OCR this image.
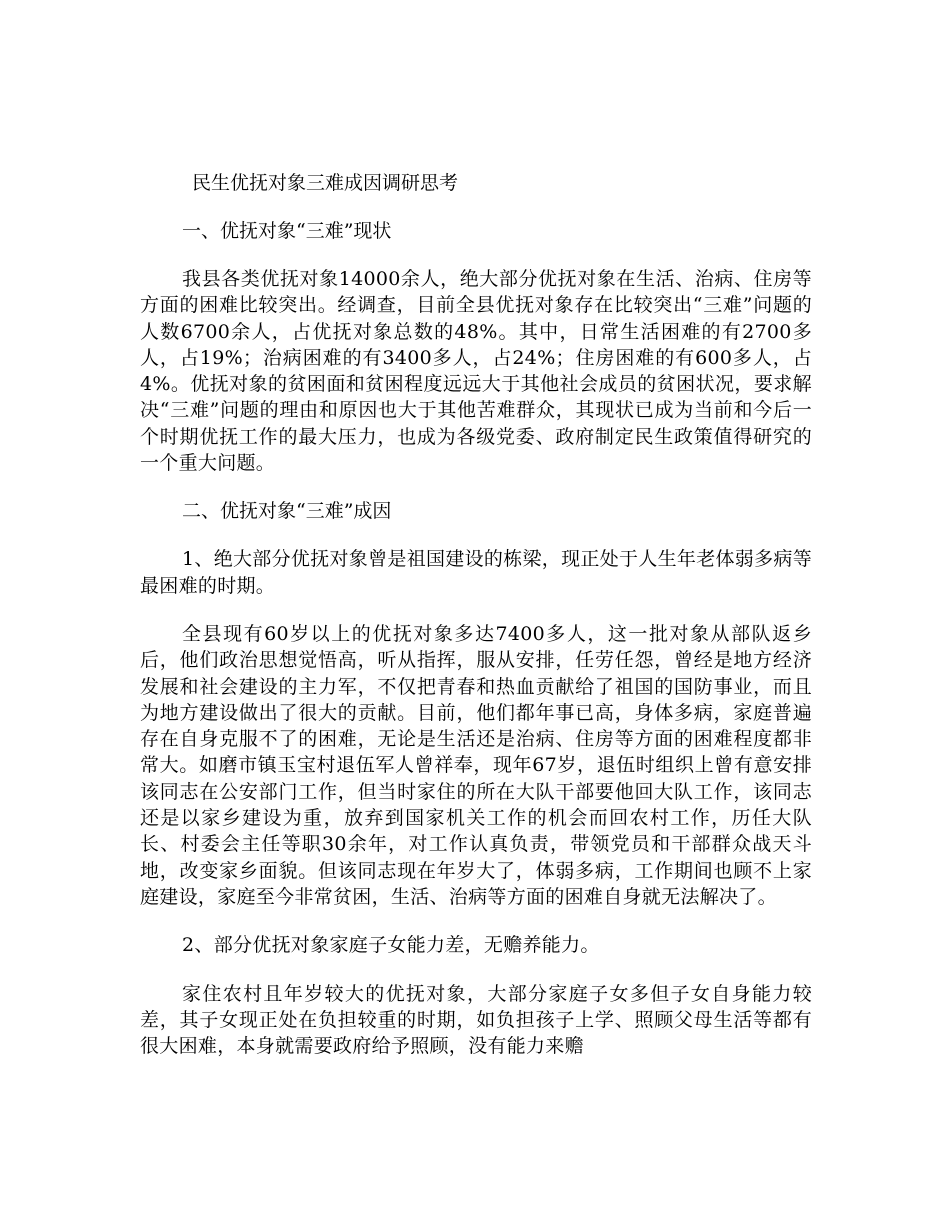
民生优抚对象三难成因调研思考
一、优抚对象“三难”现状

我县各类优抚对象14000余人，绝大部分优抚对象在生活、治病、住房等方面的困难比较突出。经调查，目前全县优抚对象存在比较突出“三难”问题的人数6700余人，占优抚对象总数的48%。其中，日常生活困难的有2700多人，占19%；治病困难的有3400多人，占24%；住房困难的有600多人，占4%。优抚对象的贫困面和贫困程度远远大于其他社会成员的贫困状况，要求解决“三难”问题的理由和原因也大于其他苦难群众，其现状已成为当前和今后一个时期优抚工作的最大压力，也成为各级党委、政府制定民生政策值得研究的一个重大问题。

二、优抚对象“三难”成因

1、绝大部分优抚对象曾是祖国建设的栋梁，现正处于人生年老体弱多病等最困难的时期。

全县现有60岁以上的优抚对象多达7400多人，这一批对象从部队返乡后，他们政治思想觉悟高，听从指挥，服从安排，任劳任怨，曾经是地方经济发展和社会建设的主力军，不仅把青春和热血贡献给了祖国的国防事业，而且为地方建设做出了很大的贡献。目前，他们都年事已高，身体多病，家庭普遍存在自身克服不了的困难，无论是生活还是治病、住房等方面的困难程度都非常大。如磨市镇玉宝村退伍军人曾祥奉，现年67岁，退伍时组织上曾有意安排该同志在公安部门工作，但当时家住的所在大队干部要他回大队工作，该同志还是以家乡建设为重，放弃到国家机关工作的机会而回农村工作，历任大队长、村委会主任等职30余年，对工作认真负责，带领党员和干部群众战天斗地，改变家乡面貌。但该同志现在年岁大了，体弱多病，工作期间也顾不上家庭建设，家庭至今非常贫困，生活、治病等方面的困难自身就无法解决了。

2、部分优抚对象家庭子女能力差，无赡养能力。

家住农村且年岁较大的优抚对象，大部分家庭子女多但子女自身能力较差，其子女现正处在负担较重的时期，如负担孩子上学、照顾父母生活等都有很大困难，本身就需要政府给予照顾，没有能力来赡
